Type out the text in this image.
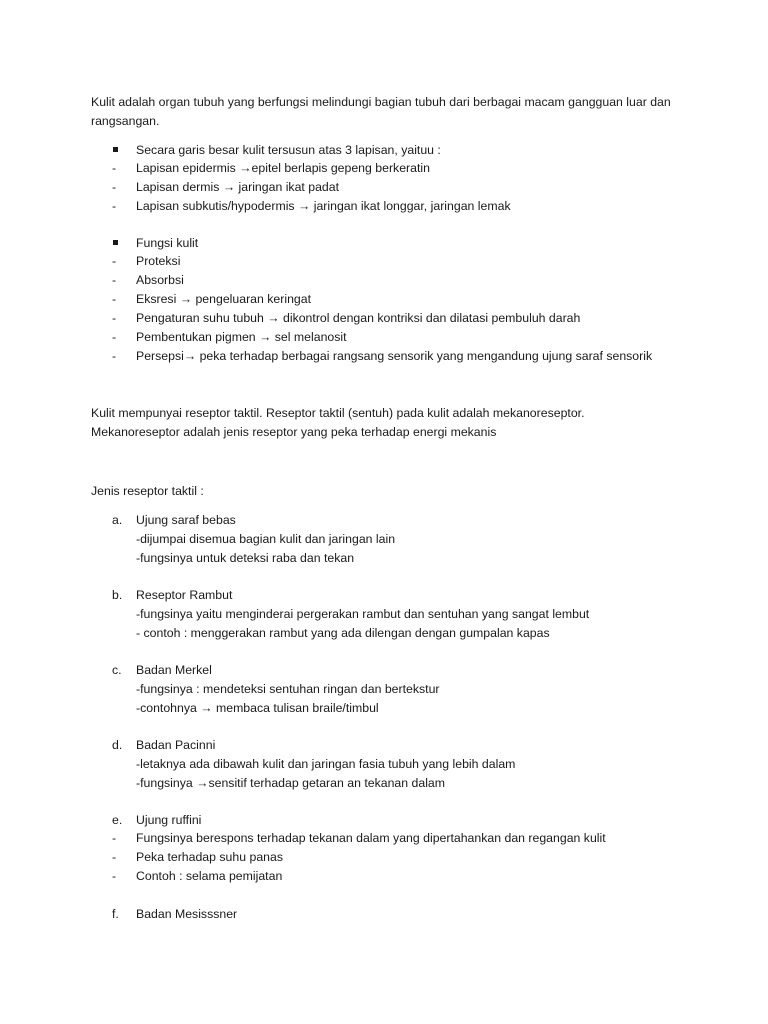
Kulit adalah organ tubuh yang berfungsi melindungi bagian tubuh dari berbagai macam gangguan luar dan rangsangan.

Secara garis besar kulit tersusun atas 3 lapisan, yaituu :
-	Lapisan epidermis →epitel berlapis gepeng berkeratin
-	Lapisan dermis → jaringan ikat padat
-	Lapisan subkutis/hypodermis → jaringan ikat longgar, jaringan lemak
Fungsi kulit
-	Proteksi
-	Absorbsi
-	Eksresi → pengeluaran keringat
-	Pengaturan suhu tubuh → dikontrol dengan kontriksi dan dilatasi pembuluh darah
-	Pembentukan pigmen → sel melanosit
-	Persepsi→ peka terhadap berbagai rangsang sensorik yang mengandung ujung saraf sensorik
Kulit mempunyai reseptor taktil. Reseptor taktil (sentuh) pada kulit adalah mekanoreseptor.
Mekanoreseptor adalah jenis reseptor yang peka terhadap energi mekanis
Jenis reseptor taktil :
a.	Ujung saraf bebas
-dijumpai disemua bagian kulit dan jaringan lain
-fungsinya untuk deteksi raba dan tekan
b.	Reseptor Rambut
-fungsinya yaitu menginderai pergerakan rambut dan sentuhan yang sangat lembut
- contoh : menggerakan rambut yang ada dilengan dengan gumpalan kapas
c.	Badan Merkel
-fungsinya : mendeteksi sentuhan ringan dan bertekstur
-contohnya → membaca tulisan braile/timbul
d.	Badan Pacinni
-letaknya ada dibawah kulit dan jaringan fasia tubuh yang lebih dalam
-fungsinya →sensitif terhadap getaran an tekanan dalam
e.	Ujung ruffini
-	Fungsinya berespons terhadap tekanan dalam yang dipertahankan dan regangan kulit
-	Peka terhadap suhu panas
-	Contoh : selama pemijatan
f.	Badan Mesisssner
